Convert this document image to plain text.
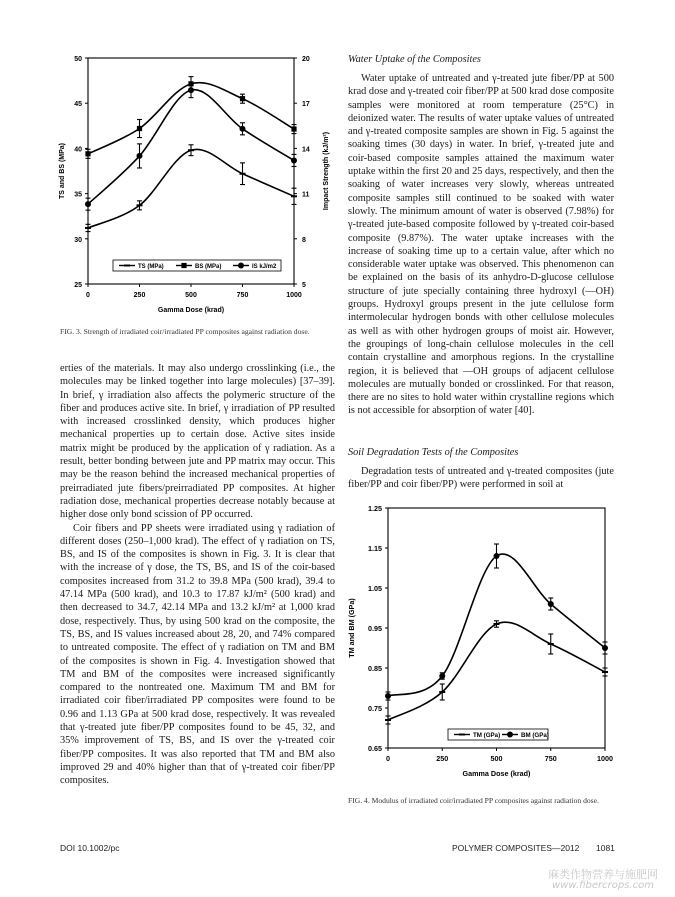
0	250	500	750	1000
25
30
35
40
45
50
5
8
11
14
17
20
Gamma Dose (krad)
TS and BS (MPa)	Impact Strength (kJ/m²)
TS (MPa)	BS (MPa)	IS kJ/m2
FIG. 3. Strength of irradiated coir/irradiated PP composites against radiation dose.

erties of the materials. It may also undergo crosslinking (i.e., the molecules may be linked together into large molecules) [37–39]. In brief, γ irradiation also affects the polymeric structure of the fiber and produces active site. In brief, γ irradiation of PP resulted with increased crosslinked density, which produces higher mechanical properties up to certain dose. Active sites inside matrix might be produced by the application of γ radiation. As a result, better bonding between jute and PP matrix may occur. This may be the reason behind the increased mechanical properties of preirradiated jute fibers/preirradiated PP composites. At higher radiation dose, mechanical properties decrease notably because at higher dose only bond scission of PP occurred.

Coir fibers and PP sheets were irradiated using γ radiation of different doses (250–1,000 krad). The effect of γ radiation on TS, BS, and IS of the composites is shown in Fig. 3. It is clear that with the increase of γ dose, the TS, BS, and IS of the coir-based composites increased from 31.2 to 39.8 MPa (500 krad), 39.4 to 47.14 MPa (500 krad), and 10.3 to 17.87 kJ/m² (500 krad) and then decreased to 34.7, 42.14 MPa and 13.2 kJ/m² at 1,000 krad dose, respectively. Thus, by using 500 krad on the composite, the TS, BS, and IS values increased about 28, 20, and 74% compared to untreated composite. The effect of γ radiation on TM and BM of the composites is shown in Fig. 4. Investigation showed that TM and BM of the composites were increased significantly compared to the nontreated one. Maximum TM and BM for irradiated coir fiber/irradiated PP composites were found to be 0.96 and 1.13 GPa at 500 krad dose, respectively. It was revealed that γ-treated jute fiber/PP composites found to be 45, 32, and 35% improvement of TS, BS, and IS over the γ-treated coir fiber/PP composites. It was also reported that TM and BM also improved 29 and 40% higher than that of γ-treated coir fiber/PP composites.

Water Uptake of the Composites

Water uptake of untreated and γ-treated jute fiber/PP at 500 krad dose and γ-treated coir fiber/PP at 500 krad dose composite samples were monitored at room temperature (25°C) in deionized water. The results of water uptake values of untreated and γ-treated composite samples are shown in Fig. 5 against the soaking times (30 days) in water. In brief, γ-treated jute and coir-based composite samples attained the maximum water uptake within the first 20 and 25 days, respectively, and then the soaking of water increases very slowly, whereas untreated composite samples still continued to be soaked with water slowly. The minimum amount of water is observed (7.98%) for γ-treated jute-based composite followed by γ-treated coir-based composite (9.87%). The water uptake increases with the increase of soaking time up to a certain value, after which no considerable water uptake was observed. This phenomenon can be explained on the basis of its anhydro-D-glucose cellulose structure of jute specially containing three hydroxyl (—OH) groups. Hydroxyl groups present in the jute cellulose form intermolecular hydrogen bonds with other cellulose molecules as well as with other hydrogen groups of moist air. However, the groupings of long-chain cellulose molecules in the cell contain crystalline and amorphous regions. In the crystalline region, it is believed that —OH groups of adjacent cellulose molecules are mutually bonded or crosslinked. For that reason, there are no sites to hold water within crystalline regions which is not accessible for absorption of water [40].

Soil Degradation Tests of the Composites

Degradation tests of untreated and γ-treated composites (jute fiber/PP and coir fiber/PP) were performed in soil at

0	250	500	750	1000
0.65
0.75
0.85
0.95
1.05
1.15
1.25
Gamma Dose (krad)
TM and BM (GPa)
TM (GPa)	BM (GPa)
FIG. 4. Modulus of irradiated coir/irradiated PP composites against radiation dose.
DOI 10.1002/pc	POLYMER COMPOSITES—2012 1081
麻类作物营养与施肥网
www.fibercrops.com
